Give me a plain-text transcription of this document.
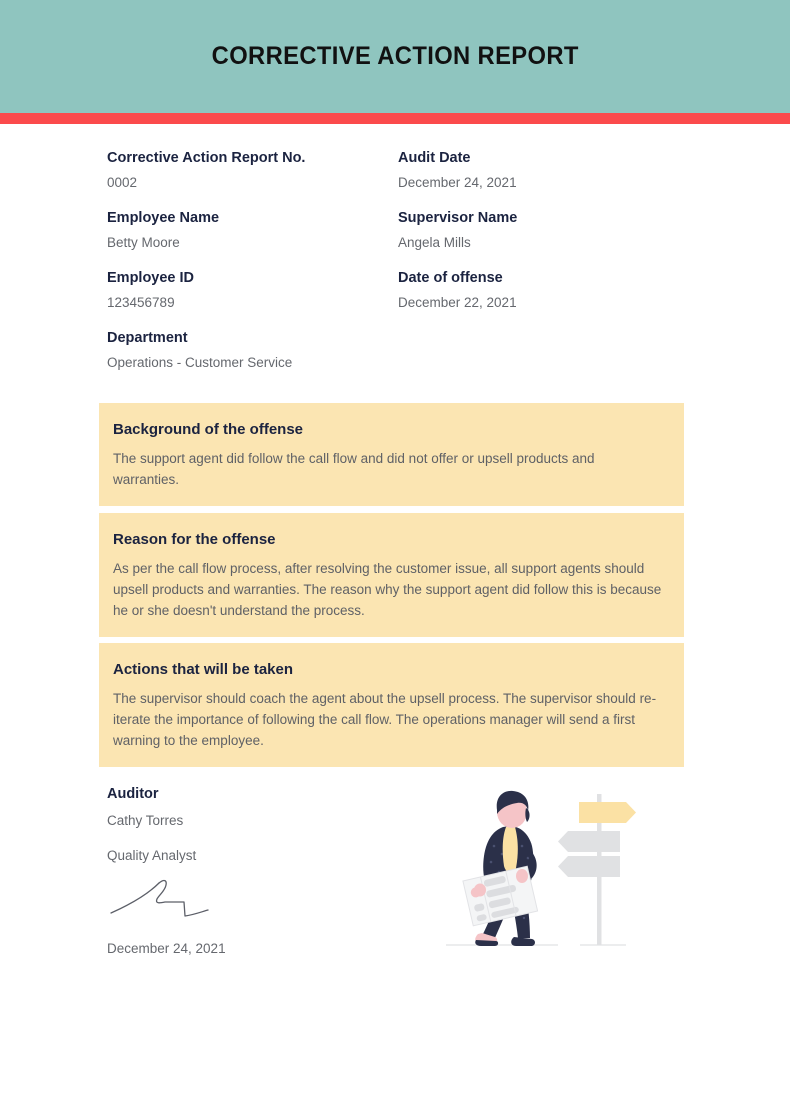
CORRECTIVE ACTION REPORT
Corrective Action Report No.
0002
Employee Name
Betty Moore
Employee ID
123456789
Department
Operations - Customer Service
Audit Date
December 24, 2021
Supervisor Name
Angela Mills
Date of offense
December 22, 2021
Background of the offense
The support agent did follow the call flow and did not offer or upsell products and warranties.
Reason for the offense
As per the call flow process, after resolving the customer issue, all support agents should upsell products and warranties. The reason why the support agent did follow this is because he or she doesn't understand the process.
Actions that will be taken
The supervisor should coach the agent about the upsell process. The supervisor should re-iterate the importance of following the call flow. The operations manager will send a first warning to the employee.
Auditor
Cathy Torres
Quality Analyst
December 24, 2021
